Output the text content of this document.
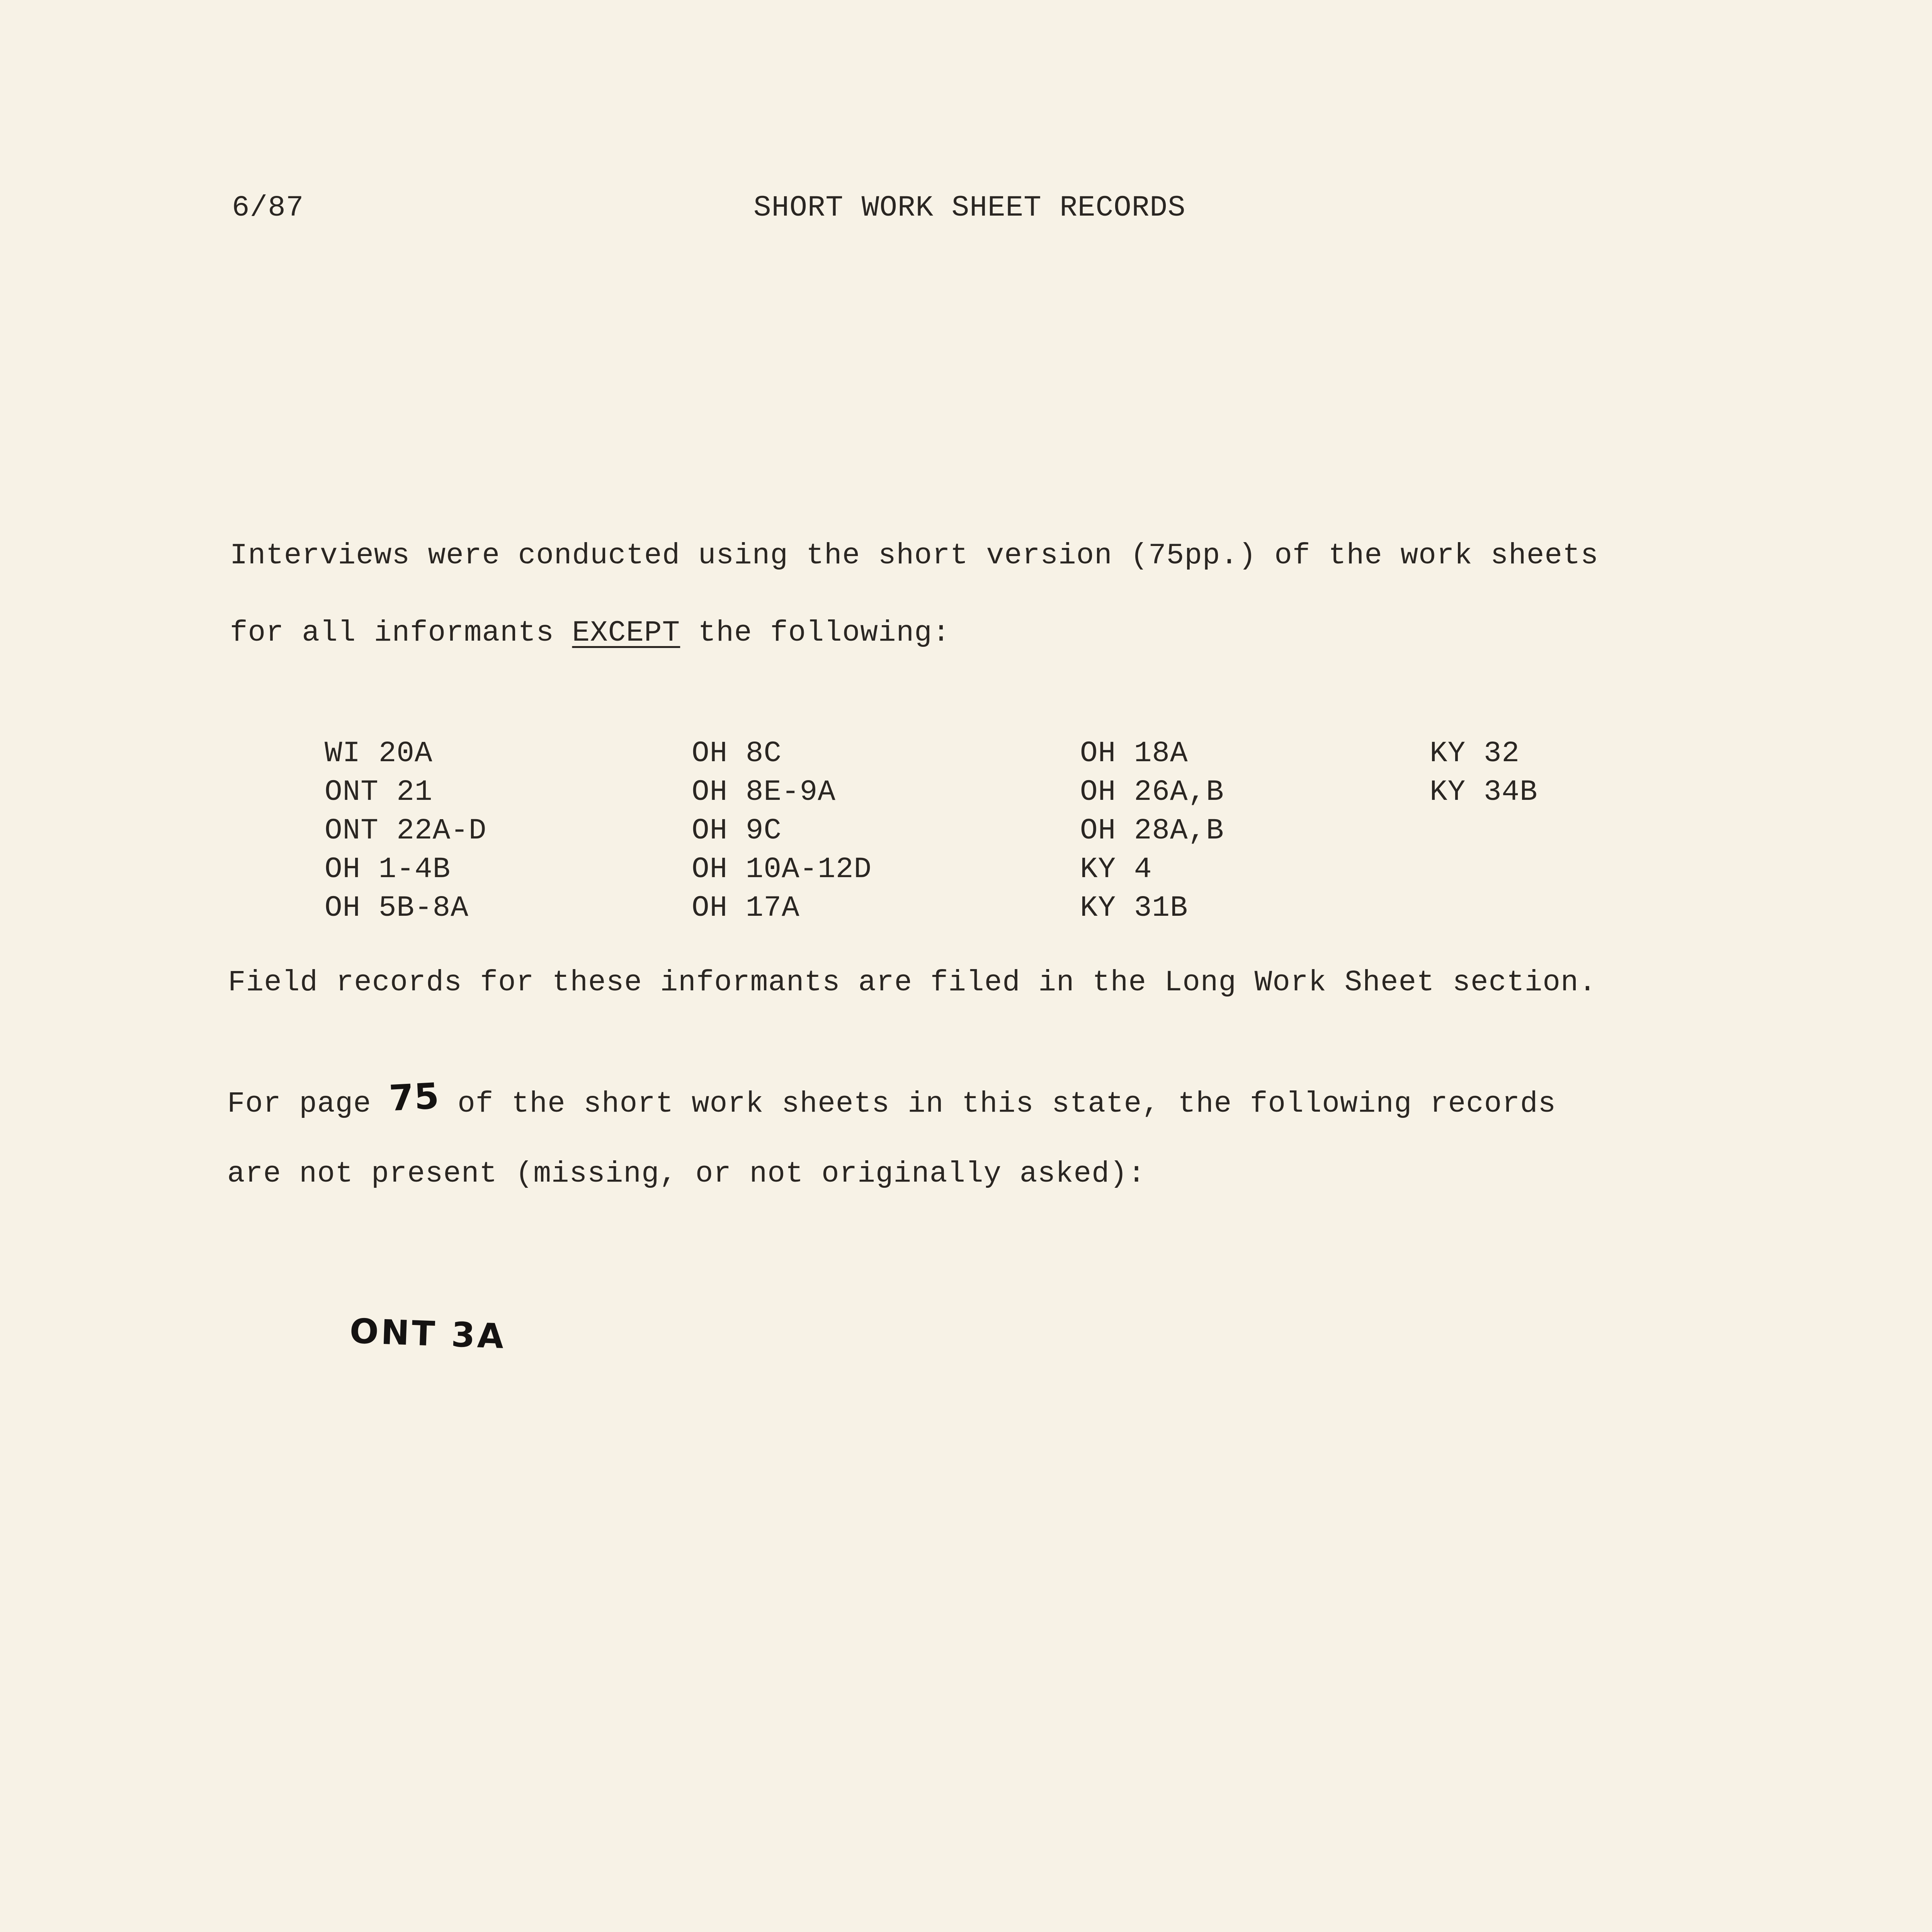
6/87	SHORT WORK SHEET RECORDS
Interviews were conducted using the short version (75pp.) of the work sheets
for all informants EXCEPT the following:

WI 20A

ONT 21

ONT 22A-D

OH 1-4B

OH 5B-8A

OH 8C

OH 8E-9A

OH 9C

OH 10A-12D

OH 17A

OH 18A

OH 26A,B

OH 28A,B

KY 4

KY 31B

KY 32

KY 34B

Field records for these informants are filed in the Long Work Sheet section.
For page 75 of the short work sheets in this state, the following records
are not present (missing, or not originally asked):
ONT 3A
